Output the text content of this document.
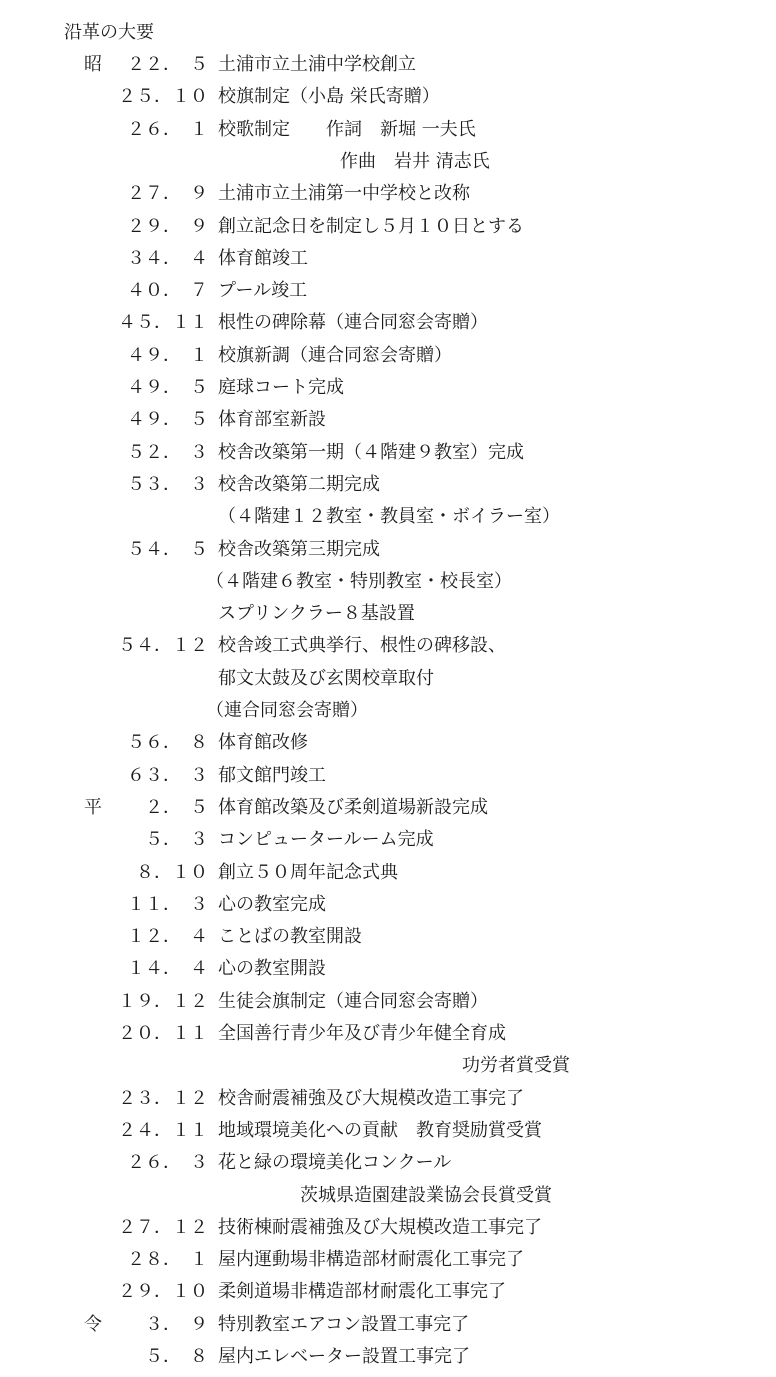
沿革の大要
昭	２２．　５ 土浦市立土浦中学校創立
２５．１０ 校旗制定（小島 栄氏寄贈）
２６．　１ 校歌制定　　作詞　新堀 一夫氏
作曲　岩井 清志氏
２７．　９ 土浦市立土浦第一中学校と改称
２９．　９ 創立記念日を制定し５月１０日とする
３４．　４ 体育館竣工
４０．　７ プール竣工
４５．１１ 根性の碑除幕（連合同窓会寄贈）
４９．　１ 校旗新調（連合同窓会寄贈）
４９．　５ 庭球コート完成
４９．　５ 体育部室新設
５２．　３ 校舎改築第一期（４階建９教室）完成
５３．　３ 校舎改築第二期完成
（４階建１２教室・教員室・ボイラー室）
５４．　５ 校舎改築第三期完成
（４階建６教室・特別教室・校長室）
スプリンクラー８基設置
５４．１２ 校舎竣工式典挙行、根性の碑移設、
郁文太鼓及び玄関校章取付
（連合同窓会寄贈）
５６．　８ 体育館改修
６３．　３ 郁文館門竣工
平	２．　５ 体育館改築及び柔剣道場新設完成
５．　３ コンピュータールーム完成
８．１０ 創立５０周年記念式典
１１．　３ 心の教室完成
１２．　４ ことばの教室開設
１４．　４ 心の教室開設
１９．１２ 生徒会旗制定（連合同窓会寄贈）
２０．１１ 全国善行青少年及び青少年健全育成
功労者賞受賞
２３．１２ 校舎耐震補強及び大規模改造工事完了
２４．１１ 地域環境美化への貢献　教育奨励賞受賞
２６．　３ 花と緑の環境美化コンクール
茨城県造園建設業協会長賞受賞
２７．１２ 技術棟耐震補強及び大規模改造工事完了
２８．　１ 屋内運動場非構造部材耐震化工事完了
２９．１０ 柔剣道場非構造部材耐震化工事完了
令	３．　９ 特別教室エアコン設置工事完了
５．　８ 屋内エレベーター設置工事完了
